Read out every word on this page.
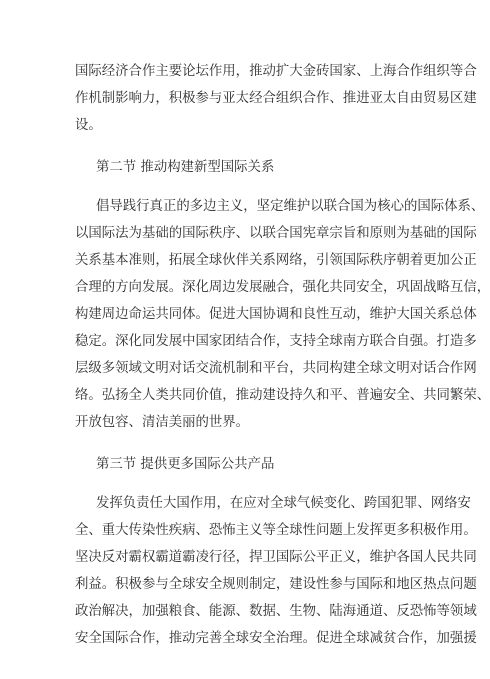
国际经济合作主要论坛作用，推动扩大金砖国家、上海合作组织等合
作机制影响力，积极参与亚太经合组织合作、推进亚太自由贸易区建
设。
第二节 推动构建新型国际关系
倡导践行真正的多边主义，坚定维护以联合国为核心的国际体系、
以国际法为基础的国际秩序、以联合国宪章宗旨和原则为基础的国际
关系基本准则，拓展全球伙伴关系网络，引领国际秩序朝着更加公正
合理的方向发展。深化周边发展融合，强化共同安全，巩固战略互信，
构建周边命运共同体。促进大国协调和良性互动，维护大国关系总体
稳定。深化同发展中国家团结合作，支持全球南方联合自强。打造多
层级多领域文明对话交流机制和平台，共同构建全球文明对话合作网
络。弘扬全人类共同价值，推动建设持久和平、普遍安全、共同繁荣、
开放包容、清洁美丽的世界。
第三节 提供更多国际公共产品
发挥负责任大国作用，在应对全球气候变化、跨国犯罪、网络安
全、重大传染性疾病、恐怖主义等全球性问题上发挥更多积极作用。
坚决反对霸权霸道霸凌行径，捍卫国际公平正义，维护各国人民共同
利益。积极参与全球安全规则制定，建设性参与国际和地区热点问题
政治解决，加强粮食、能源、数据、生物、陆海通道、反恐怖等领域
安全国际合作，推动完善全球安全治理。促进全球减贫合作，加强援
